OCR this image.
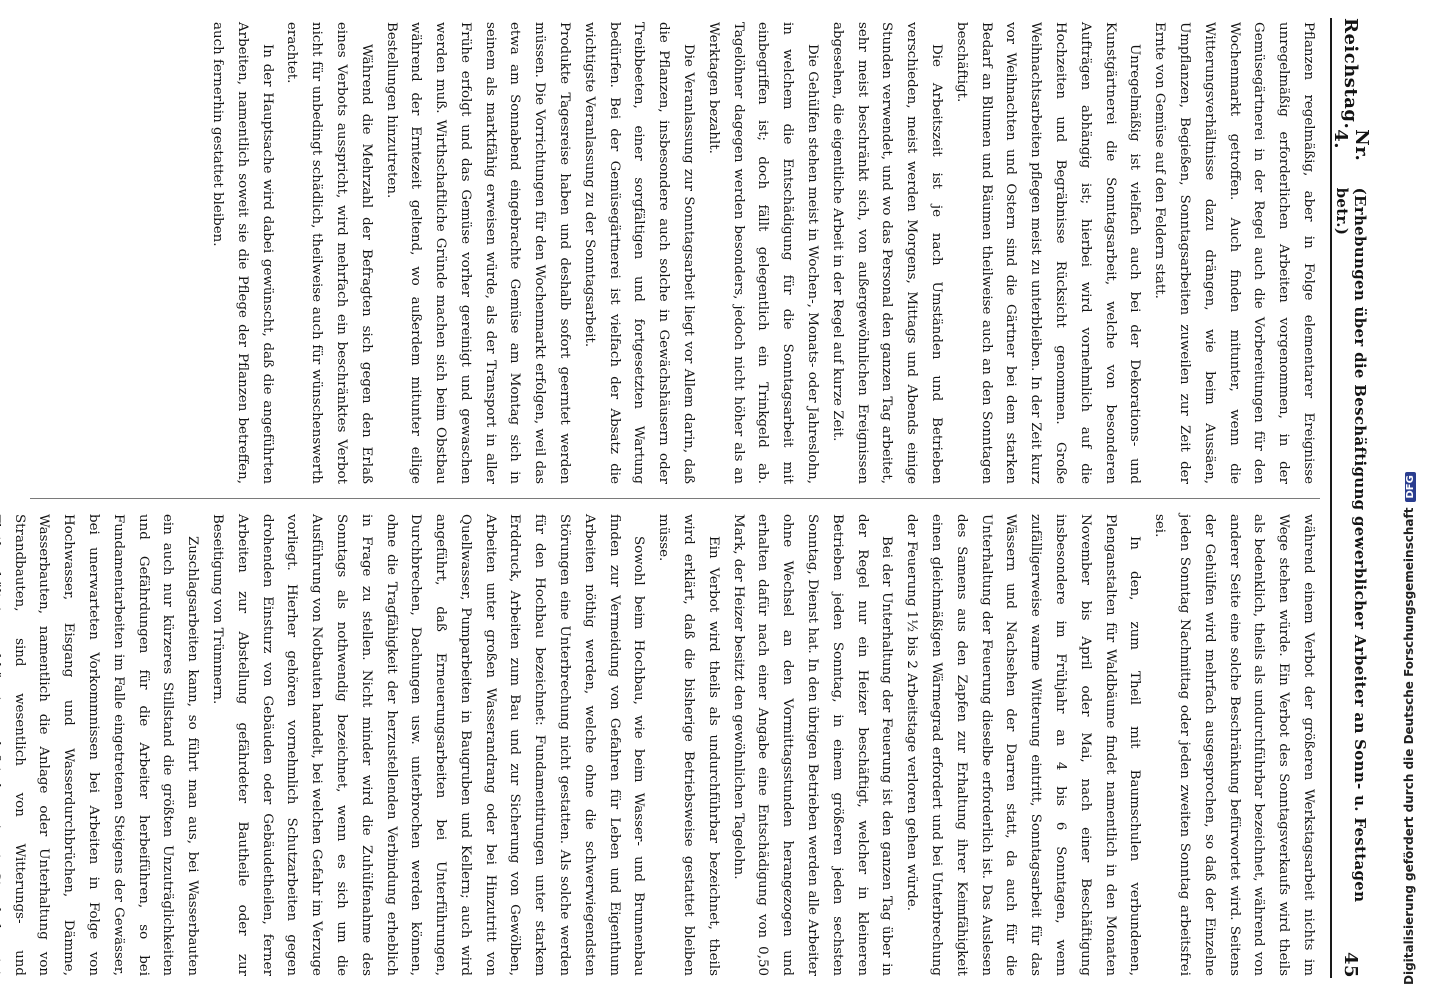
Reichstag.
Nr. 4.
(Erhebungen über die Beschäftigung gewerblicher Arbeiter an Sonn- u. Festtagen betr.)
45

Pflanzen regelmäßig, aber in Folge elementarer Ereignisse unregelmäßig erforderlichen Arbeiten vorgenommen, in der Gemüsegärtnerei in der Regel auch die Vorbereitungen für den Wochenmarkt getroffen. Auch finden mitunter, wenn die Witterungsverhältnisse dazu drängen, wie beim Aussäen, Umpflanzen, Begießen, Sonntagsarbeiten zuweilen zur Zeit der Ernte von Gemüse auf den Feldern statt.

Unregelmäßig ist vielfach auch bei der Dekorations- und Kunstgärtnerei die Sonntagsarbeit, welche von besonderen Aufträgen abhängig ist; hierbei wird vornehmlich auf die Hochzeiten und Begräbnisse Rücksicht genommen. Große Weihnachtsarbeiten pflegen meist zu unterbleiben. In der Zeit kurz vor Weihnachten und Ostern sind die Gärtner bei dem starken Bedarf an Blumen und Bäumen theilweise auch an den Sonntagen beschäftigt.

Die Arbeitszeit ist je nach Umständen und Betrieben verschieden, meist werden Morgens, Mittags und Abends einige Stunden verwendet, und wo das Personal den ganzen Tag arbeitet, sehr meist beschränkt sich, von außergewöhnlichen Ereignissen abgesehen, die eigentliche Arbeit in der Regel auf kurze Zeit.

Die Gehülfen stehen meist in Wochen-, Monats- oder Jahreslohn, in welchem die Entschädigung für die Sonntagsarbeit mit einbegriffen ist; doch fällt gelegentlich ein Trinkgeld ab. Tagelöhner dagegen werden besonders, jedoch nicht höher als an Werktagen bezahlt.

Die Veranlassung zur Sonntagsarbeit liegt vor Allem darin, daß die Pflanzen, insbesondere auch solche in Gewächshäusern oder Treibbeeten, einer sorgfältigen und fortgesetzten Wartung bedürfen. Bei der Gemüsegärtnerei ist vielfach der Absatz die wichtigste Veranlassung zu der Sonntagsarbeit.

Produkte Tagesreise haben und deshalb sofort geerntet werden müssen. Die Vorrichtungen für den Wochenmarkt erfolgen, weil das etwa am Sonnabend eingebrachte Gemüse am Montag sich in seinem als marktfähig erweisen würde, als der Transport in aller Frühe erfolgt und das Gemüse vorher gereinigt und gewaschen werden muß. Wirthschaftliche Gründe machen sich beim Obstbau während der Erntezeit geltend, wo außerdem mitunter eilige Bestellungen hinzutreten.

Während die Mehrzahl der Befragten sich gegen den Erlaß eines Verbots ausspricht, wird mehrfach ein beschränktes Verbot nicht für unbedingt schädlich, theilweise auch für wünschenswerth erachtet.

In der Hauptsache wird dabei gewünscht, daß die angeführten Arbeiten, namentlich soweit sie die Pflege der Pflanzen betreffen, auch fernerhin gestattet bleiben.

während einem Verbot der größeren Werkstagsarbeit nichts im Wege stehen würde. Ein Verbot des Sonntagsverkaufs wird theils als bedenklich, theils als undurchführbar bezeichnet, während von anderer Seite eine solche Beschränkung befürwortet wird. Seitens der Gehülfen wird mehrfach ausgesprochen, so daß der Einzelne jeden Sonntag Nachmittag oder jeden zweiten Sonntag arbeitsfrei sei.

In den, zum Theil mit Baumschulen verbundenen, Plenganstalten für Waldbäume findet namentlich in den Monaten November bis April oder Mai, nach einer Beschäftigung insbesondere im Frühjahr an 4 bis 6 Sonntagen, wenn zufälligerweise warme Witterung eintritt, Sonntagsarbeit für das Wässern und Nachsehen der Darren statt, da auch für die Unterhaltung der Feuerung dieselbe erforderlich ist. Das Auslesen des Samens aus den Zapfen zur Erhaltung ihrer Keimfähigkeit einen gleichmäßigen Wärmegrad erfordert und bei Unterbrechung der Feuerung 1½ bis 2 Arbeitstage verloren gehen würde.

Bei der Unterhaltung der Feuerung ist den ganzen Tag über in der Regel nur ein Heizer beschäftigt, welcher in kleineren Betrieben jeden Sonntag, in einem größeren jeden sechsten Sonntag, Dienst hat. In den übrigen Betrieben werden alle Arbeiter ohne Wechsel an den Vormittagsstunden herangezogen und erhalten dafür nach einer Angabe eine Entschädigung von 0,50 Mark, der Heizer besitzt den gewöhnlichen Tagelohn.

Ein Verbot wird theils als undurchführbar bezeichnet, theils wird erklärt, daß die bisherige Betriebsweise gestattet bleiben müsse.

Sowohl beim Hochbau, wie beim Wasser- und Brunnenbau finden zur Vermeidung von Gefahren für Leben und Eigenthum Arbeiten nöthig werden, welche ohne die schwerwiegendsten Störungen eine Unterbrechung nicht gestatten. Als solche werden für den Hochbau bezeichnet: Fundamentirungen unter starkem Erddruck, Arbeiten zum Bau und zur Sicherung von Gewölben, Arbeiten unter großen Wasserandrang oder bei Hinzutritt von Quellwasser, Pumparbeiten in Baugruben und Kellern; auch wird angeführt, daß Erneuerungsarbeiten bei Unterführungen, Durchbrechen, Dachungen usw. unterbrochen werden können, ohne die Tragfähigkeit der herzustellenden Verbindung erheblich in Frage zu stellen. Nicht minder wird die Zuhülfenahme des Sonntags als nothwendig bezeichnet, wenn es sich um die Ausführung von Notbauten handelt, bei welchen Gefahr im Verzuge vorliegt. Hierher gehören vornehmlich Schutzarbeiten gegen drohenden Einsturz von Gebäuden oder Gebäudetheilen, ferner Arbeiten zur Abstellung gefährdeter Bautheile oder zur Beseitigung von Trümmern.

Zuschlagsarbeiten kann, so führt man aus, bei Wasserbauten ein auch nur kürzeres Stillstand die größten Unzuträglichkeiten und Gefährdungen für die Arbeiter herbeiführen, so bei Fundamentarbeiten im Falle eingetretenen Steigens der Gewässer, bei unerwarteten Vorkommnissen bei Arbeiten in Folge von Hochwasser, Eisgang und Wasserdurchbrüchen, Dämme, Wasserbauten, namentlich die Anlage oder Unterhaltung von Strandbauten, sind wesentlich von Witterungs- und	Digitalisierung gefördert durch die Deutsche ForschungsgemeinschaftDFG
